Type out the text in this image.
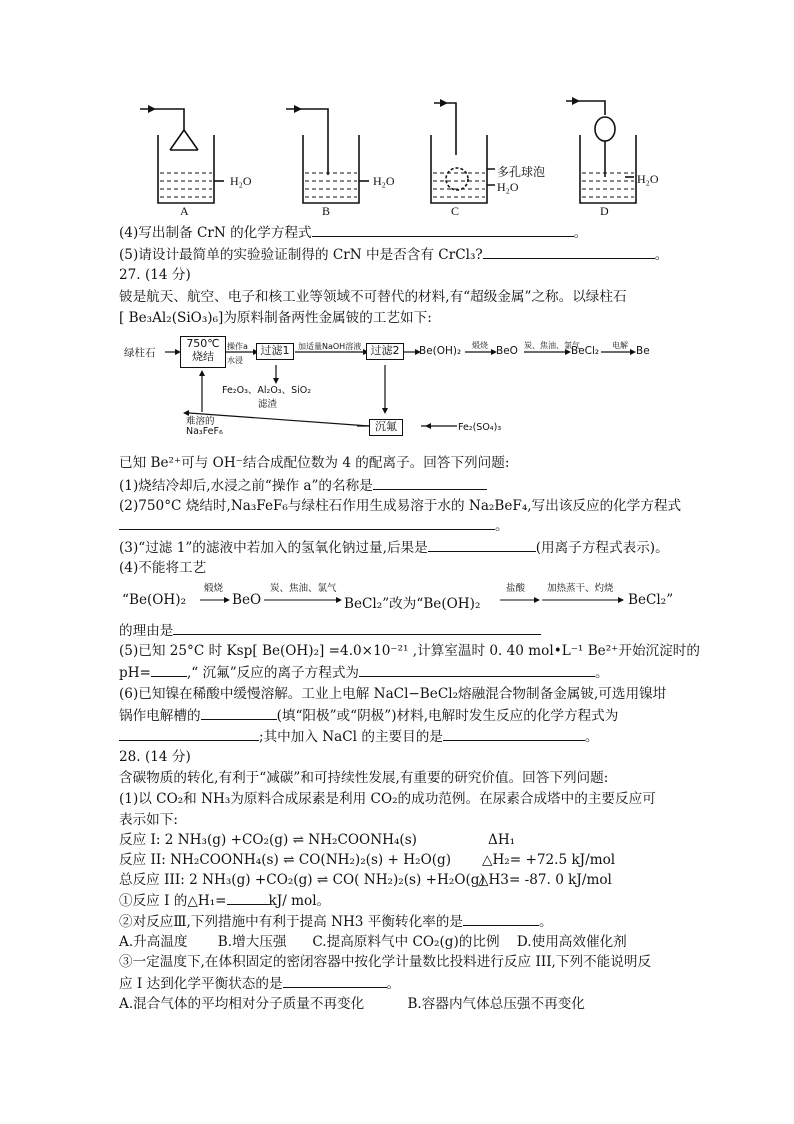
A	B	C	D
H₂O	H₂O
多孔球泡
H₂O
H₂O
(4)写出制备 CrN 的化学方程式	。
(5)请设计最简单的实验验证制得的 CrN 中是否含有 CrCl₃?	。
27. (14 分)
铍是航天、航空、电子和核工业等领域不可替代的材料,有“超级金属”之称。以绿柱石
[ Be₃Al₂(SiO₃)₆]为原料制备两性金属铍的工艺如下:
绿柱石
750℃
烧结
操作a
水浸
过滤1	加适量NaOH溶液 过滤2	Be(OH)₂ 煅烧 BeO 炭、焦油、氯气
BeCl₂ 电解 Be
Fe₂O₃、Al₂O₃、SiO₂
滤渣
难溶的
Na₃FeF₆	沉氟	Fe₂(SO₄)₃
已知 Be²⁺可与 OH⁻结合成配位数为 4 的配离子。回答下列问题:
(1)烧结冷却后,水浸之前“操作 a”的名称是
(2)750°C 烧结时,Na₃FeF₆与绿柱石作用生成易溶于水的 Na₂BeF₄,写出该反应的化学方程式
。
(3)“过滤 1”的滤液中若加入的氢氧化钠过量,后果是	(用离子方程式表示)。
(4)不能将工艺
“Be(OH)₂
煅烧
BeO
炭、焦油、氯气
BeCl₂”改为“Be(OH)₂
盐酸 加热蒸干、灼烧
BeCl₂”
的理由是
(5)已知 25°C 时 Ksp[ Be(OH)₂] =4.0×10⁻²¹ ,计算室温时 0. 40 mol•L⁻¹ Be²⁺开始沉淀时的
pH=	,“ 沉氟”反应的离子方程式为	。
(6)已知镍在稀酸中缓慢溶解。工业上电解 NaCl−BeCl₂熔融混合物制备金属铍,可选用镍坩
锅作电解槽的	(填“阳极”或“阴极”)材料,电解时发生反应的化学方程式为
;其中加入 NaCl 的主要目的是	。
28. (14 分)
含碳物质的转化,有利于“减碳”和可持续性发展,有重要的研究价值。回答下列问题:
(1)以 CO₂和 NH₃为原料合成尿素是利用 CO₂的成功范例。在尿素合成塔中的主要反应可
表示如下:
反应 I: 2 NH₃(g) +CO₂(g) ⇌ NH₂COONH₄(s)	ΔH₁
反应 II: NH₂COONH₄(s) ⇌ CO(NH₂)₂(s) + H₂O(g) △H₂= +72.5 kJ/mol
总反应 III: 2 NH₃(g) +CO₂(g) ⇌ CO( NH₂)₂(s) +H₂O(g)
△H3= -87. 0 kJ/mol
①反应 I 的△H₁=	kJ/ mol。
②对反应Ⅲ,下列措施中有利于提高 NH3 平衡转化率的是	。
A.升高温度       B.增大压强      C.提高原料气中 CO₂(g)的比例    D.使用高效催化剂
③一定温度下,在体积固定的密闭容器中按化学计量数比投料进行反应 III,下列不能说明反
应 I 达到化学平衡状态的是	。
A.混合气体的平均相对分子质量不再变化          B.容器内气体总压强不再变化
